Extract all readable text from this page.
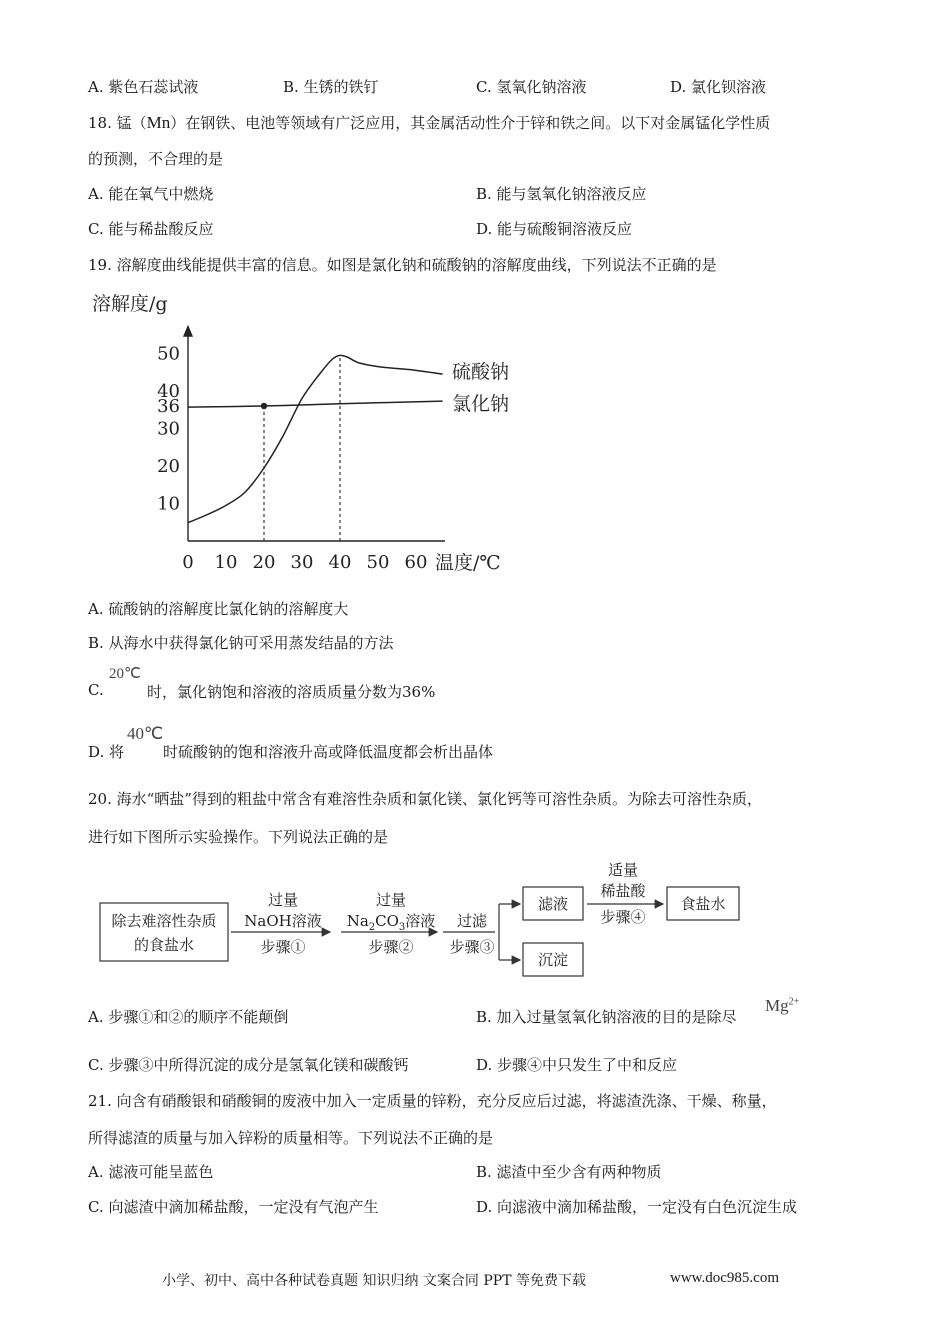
A. 紫色石蕊试液	B. 生锈的铁钉	C. 氢氧化钠溶液	D. 氯化钡溶液
18. 锰（Mn）在钢铁、电池等领域有广泛应用，其金属活动性介于锌和铁之间。以下对金属锰化学性质
的预测，不合理的是
A. 能在氧气中燃烧	B. 能与氢氧化钠溶液反应
C. 能与稀盐酸反应	D. 能与硫酸铜溶液反应
19. 溶解度曲线能提供丰富的信息。如图是氯化钠和硫酸钠的溶解度曲线，下列说法不正确的是
溶解度/g
0 10 20 30 40 50 60
10
20
30
36
40
50
温度/℃
硫酸钠
氯化钠
A. 硫酸钠的溶解度比氯化钠的溶解度大
B. 从海水中获得氯化钠可采用蒸发结晶的方法
C.
20℃
时，氯化钠饱和溶液的溶质质量分数为36%
D. 将
40℃
时硫酸钠的饱和溶液升高或降低温度都会析出晶体
20. 海水“晒盐”得到的粗盐中常含有难溶性杂质和氯化镁、氯化钙等可溶性杂质。为除去可溶性杂质，
进行如下图所示实验操作。下列说法正确的是
除去难溶性杂质
的食盐水
过量
NaOH溶液
步骤①
过量
$Na_2CO_3$溶液
步骤②
过滤
步骤③
滤液
沉淀
适量
稀盐酸
步骤④
食盐水
A. 步骤①和②的顺序不能颠倒	B. 加入过量氢氧化钠溶液的目的是除尽
$Mg^{2+}$
C. 步骤③中所得沉淀的成分是氢氧化镁和碳酸钙	D. 步骤④中只发生了中和反应
21. 向含有硝酸银和硝酸铜的废液中加入一定质量的锌粉，充分反应后过滤，将滤渣洗涤、干燥、称量，
所得滤渣的质量与加入锌粉的质量相等。下列说法不正确的是
A. 滤液可能呈蓝色	B. 滤渣中至少含有两种物质
C. 向滤渣中滴加稀盐酸，一定没有气泡产生	D. 向滤液中滴加稀盐酸，一定没有白色沉淀生成
小学、初中、高中各种试卷真题 知识归纳 文案合同 PPT 等免费下载	www.doc985.com
